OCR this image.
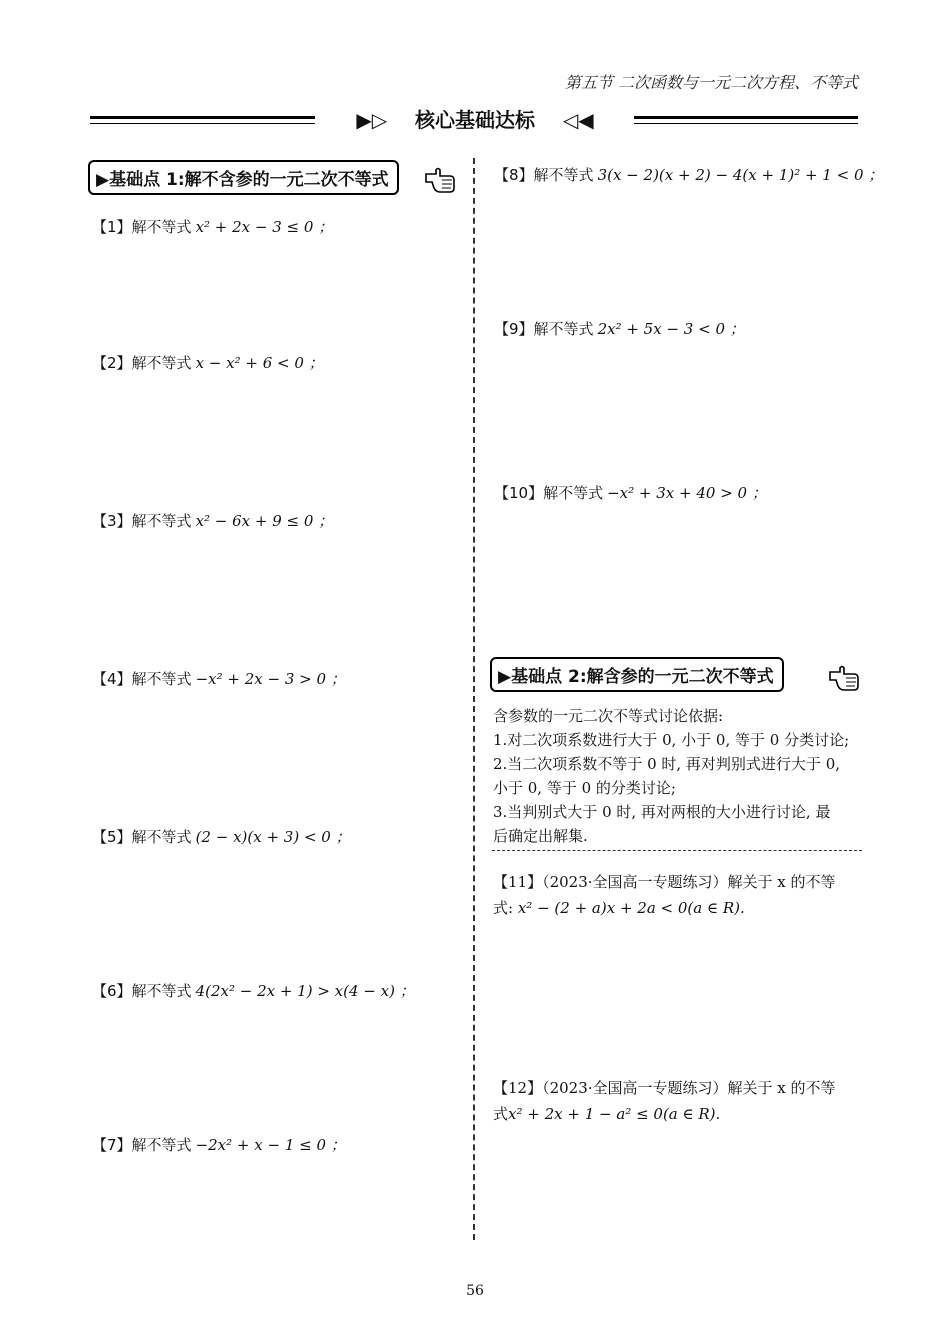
第五节 二次函数与一元二次方程、不等式
▶▷ 核心基础达标 ◁◀
▶基础点 1:解不含参的一元二次不等式
【1】解不等式 x² + 2x − 3 ≤ 0 ；
【2】解不等式 x − x² + 6 < 0 ；
【3】解不等式 x² − 6x + 9 ≤ 0 ；
【4】解不等式 −x² + 2x − 3 > 0 ；
【5】解不等式 (2 − x)(x + 3) < 0 ；
【6】解不等式 4(2x² − 2x + 1) > x(4 − x) ；
【7】解不等式 −2x² + x − 1 ≤ 0 ；
【8】解不等式 3(x − 2)(x + 2) − 4(x + 1)² + 1 < 0 ；
【9】解不等式 2x² + 5x − 3 < 0 ；
【10】解不等式 −x² + 3x + 40 > 0 ；
▶基础点 2:解含参的一元二次不等式
含参数的一元二次不等式讨论依据:
1.对二次项系数进行大于 0, 小于 0, 等于 0 分类讨论;
2.当二次项系数不等于 0 时, 再对判别式进行大于 0,
小于 0, 等于 0 的分类讨论;
3.当判别式大于 0 时, 再对两根的大小进行讨论, 最
后确定出解集.
【11】（2023·全国高一专题练习）解关于 x 的不等
式: x² − (2 + a)x + 2a < 0(a ∈ R).
【12】（2023·全国高一专题练习）解关于 x 的不等
式x² + 2x + 1 − a² ≤ 0(a ∈ R).
56
